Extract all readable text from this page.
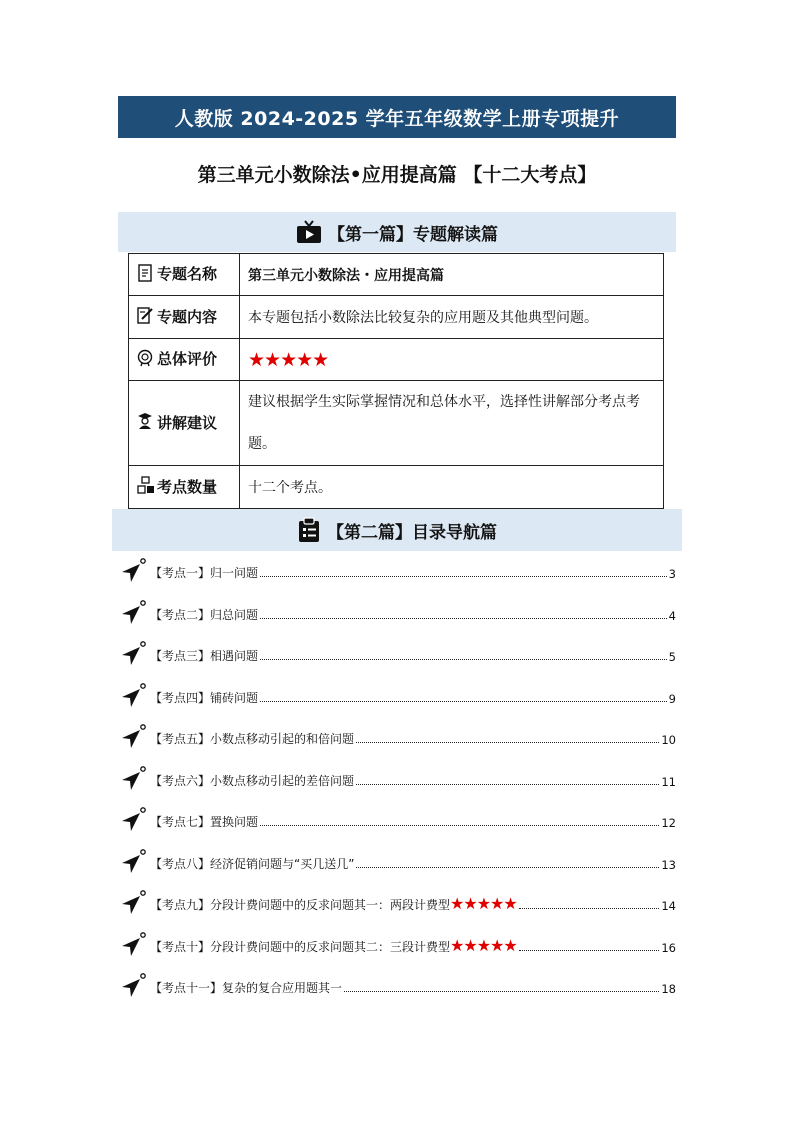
人教版 2024-2025 学年五年级数学上册专项提升
第三单元小数除法•应用提高篇 【十二大考点】
【第一篇】专题解读篇
专题名称	第三单元小数除法・应用提高篇
专题内容	本专题包括小数除法比较复杂的应用题及其他典型问题。
总体评价	★★★★★
讲解建议	建议根据学生实际掌握情况和总体水平，选择性讲解部分考点考题。
考点数量	十二个考点。
【第二篇】目录导航篇
【考点一】归一问题	3
【考点二】归总问题	4
【考点三】相遇问题	5
【考点四】铺砖问题	9
【考点五】小数点移动引起的和倍问题	10
【考点六】小数点移动引起的差倍问题	11
【考点七】置换问题	12
【考点八】经济促销问题与“买几送几”	13
【考点九】分段计费问题中的反求问题其一：两段计费型★★★★★	14
【考点十】分段计费问题中的反求问题其二：三段计费型★★★★★	16
【考点十一】复杂的复合应用题其一	18
